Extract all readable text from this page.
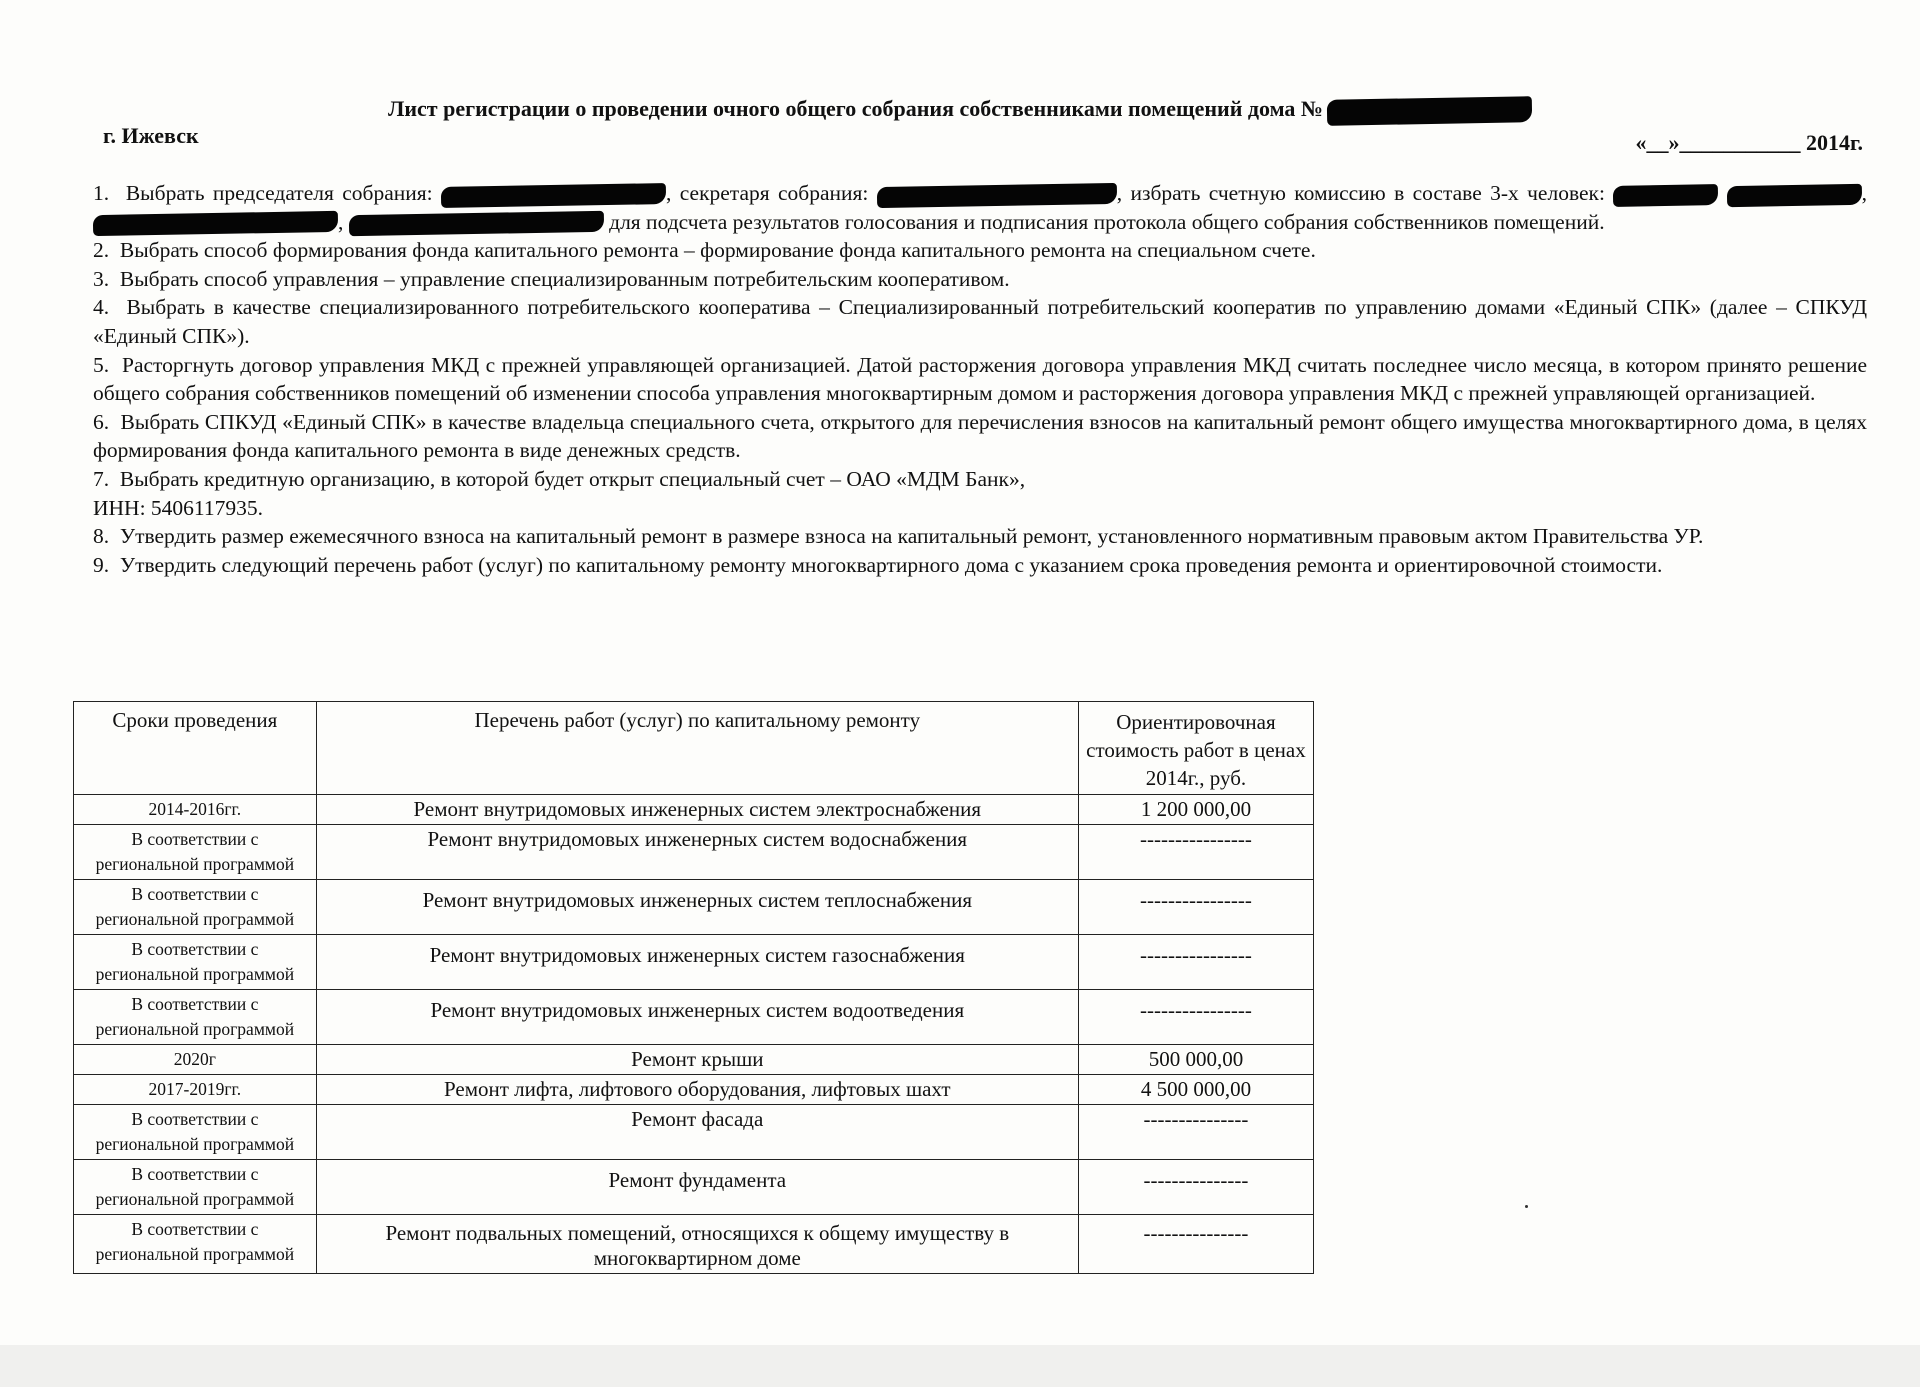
Лист регистрации о проведении очного общего собрания собственниками помещений дома №
г. Ижевск	«__»___________ 2014г.

1. Выбрать председателя собрания:	, секретаря собрания:	, избрать счетную комиссию в составе 3-х человек:	, ,	для подсчета результатов голосования и подписания протокола общего собрания собственников помещений.

2. Выбрать способ формирования фонда капитального ремонта – формирование фонда капитального ремонта на специальном счете.

3. Выбрать способ управления – управление специализированным потребительским кооперативом.

4. Выбрать в качестве специализированного потребительского кооператива – Специализированный потребительский кооператив по управлению домами «Единый СПК» (далее – СПКУД «Единый СПК»).

5. Расторгнуть договор управления МКД с прежней управляющей организацией. Датой расторжения договора управления МКД считать последнее число месяца, в котором принято решение общего собрания собственников помещений об изменении способа управления многоквартирным домом и расторжения договора управления МКД с прежней управляющей организацией.

6. Выбрать СПКУД «Единый СПК» в качестве владельца специального счета, открытого для перечисления взносов на капитальный ремонт общего имущества многоквартирного дома, в целях формирования фонда капитального ремонта в виде денежных средств.

7. Выбрать кредитную организацию, в которой будет открыт специальный счет – ОАО «МДМ Банк»,
ИНН: 5406117935.

8. Утвердить размер ежемесячного взноса на капитальный ремонт в размере взноса на капитальный ремонт, установленного нормативным правовым актом Правительства УР.

9. Утвердить следующий перечень работ (услуг) по капитальному ремонту многоквартирного дома с указанием срока проведения ремонта и ориентировочной стоимости.

Сроки проведения	Перечень работ (услуг) по капитальному ремонту	Ориентировочная стоимость работ в ценах 2014г., руб.
2014-2016гг.	Ремонт внутридомовых инженерных систем электроснабжения	1 200 000,00
В соответствии с региональной программой	Ремонт внутридомовых инженерных систем водоснабжения	----------------
В соответствии с региональной программой	Ремонт внутридомовых инженерных систем теплоснабжения	----------------
В соответствии с региональной программой	Ремонт внутридомовых инженерных систем газоснабжения	----------------
В соответствии с региональной программой	Ремонт внутридомовых инженерных систем водоотведения	----------------
2020г	Ремонт крыши	500 000,00
2017-2019гг.	Ремонт лифта, лифтового оборудования, лифтовых шахт	4 500 000,00
В соответствии с региональной программой	Ремонт фасада	---------------
В соответствии с региональной программой	Ремонт фундамента	---------------
В соответствии с региональной программой	Ремонт подвальных помещений, относящихся к общему имуществу в многоквартирном доме	---------------
